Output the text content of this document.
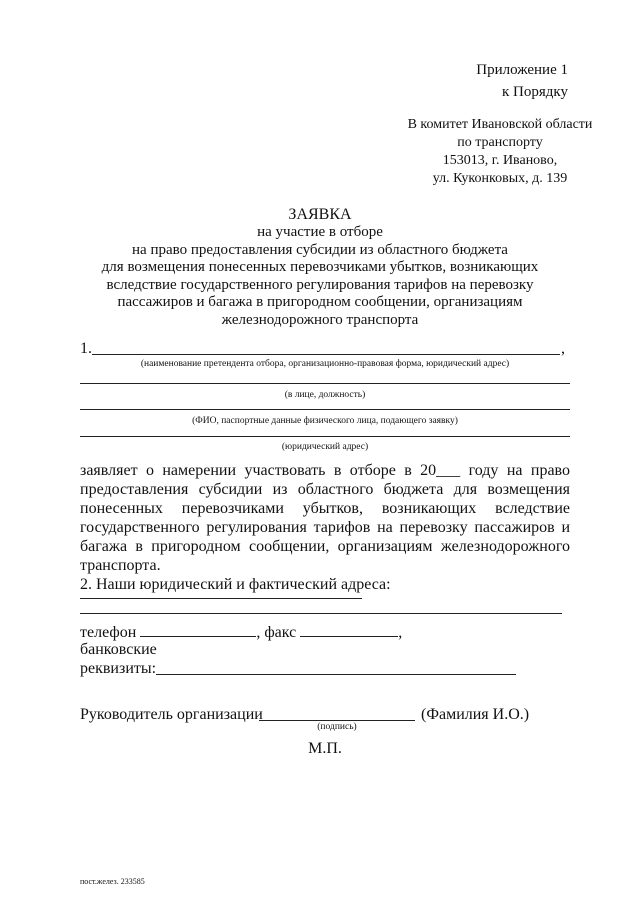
Приложение 1
к Порядку
В комитет Ивановской области
по транспорту
153013, г. Иваново,
ул. Куконковых, д. 139
ЗАЯВКА
на участие в отборе
на право предоставления субсидии из областного бюджета
для возмещения понесенных перевозчиками убытков, возникающих
вследствие государственного регулирования тарифов на перевозку
пассажиров и багажа в пригородном сообщении, организациям
железнодорожного транспорта
1.	,
(наименование претендента отбора, организационно-правовая форма, юридический адрес)
(в лице, должность)
(ФИО, паспортные данные физического лица, подающего заявку)
(юридический адрес)
заявляет о намерении участвовать в отборе в 20___ году на право
предоставления субсидии из областного бюджета для возмещения
понесенных перевозчиками убытков, возникающих вследствие
государственного регулирования тарифов на перевозку пассажиров и
багажа в пригородном сообщении, организациям железнодорожного
транспорта.
2. Наши юридический и фактический адреса:
телефон	, факс	,
банковские
реквизиты:
Руководитель организации	(Фамилия И.О.)
(подпись)
М.П.
пост.желез. 233585
